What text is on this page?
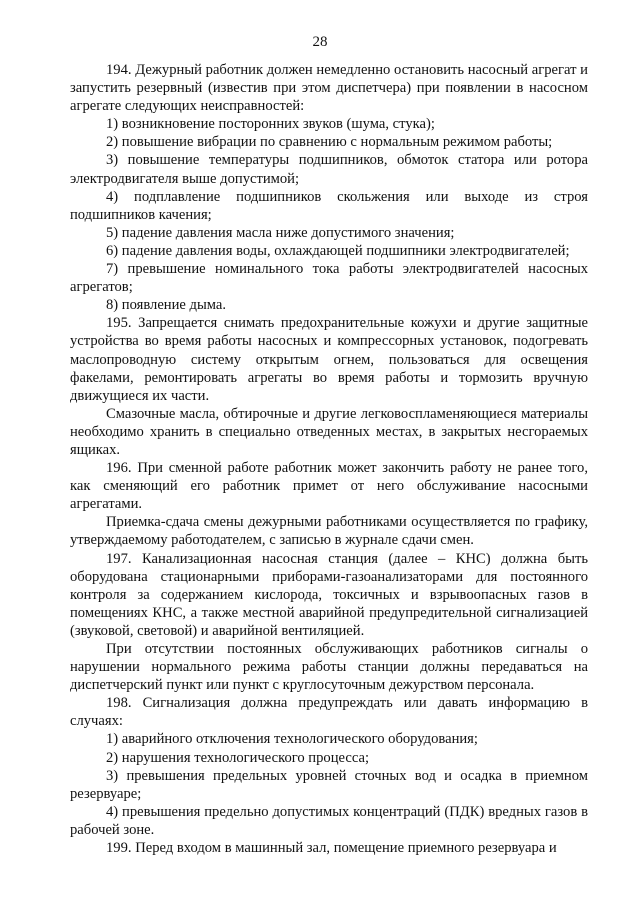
28

194. Дежурный работник должен немедленно остановить насосный агрегат и запустить резервный (известив при этом диспетчера) при появлении в насосном агрегате следующих неисправностей:

1) возникновение посторонних звуков (шума, стука);

2) повышение вибрации по сравнению с нормальным режимом работы;

3) повышение температуры подшипников, обмоток статора или ротора электродвигателя выше допустимой;

4) подплавление подшипников скольжения или выходе из строя подшипников качения;

5) падение давления масла ниже допустимого значения;

6) падение давления воды, охлаждающей подшипники электродвигателей;

7) превышение номинального тока работы электродвигателей насосных агрегатов;

8) появление дыма.

195. Запрещается снимать предохранительные кожухи и другие защитные устройства во время работы насосных и компрессорных установок, подогревать маслопроводную систему открытым огнем, пользоваться для освещения факелами, ремонтировать агрегаты во время работы и тормозить вручную движущиеся их части.

Смазочные масла, обтирочные и другие легковоспламеняющиеся материалы необходимо хранить в специально отведенных местах, в закрытых несгораемых ящиках.

196. При сменной работе работник может закончить работу не ранее того, как сменяющий его работник примет от него обслуживание насосными агрегатами.

Приемка-сдача смены дежурными работниками осуществляется по графику, утверждаемому работодателем, с записью в журнале сдачи смен.

197. Канализационная насосная станция (далее – КНС) должна быть оборудована стационарными приборами-газоанализаторами для постоянного контроля за содержанием кислорода, токсичных и взрывоопасных газов в помещениях КНС, а также местной аварийной предупредительной сигнализацией (звуковой, световой) и аварийной вентиляцией.

При отсутствии постоянных обслуживающих работников сигналы о нарушении нормального режима работы станции должны передаваться на диспетчерский пункт или пункт с круглосуточным дежурством персонала.

198. Сигнализация должна предупреждать или давать информацию в случаях:

1) аварийного отключения технологического оборудования;

2) нарушения технологического процесса;

3) превышения предельных уровней сточных вод и осадка в приемном резервуаре;

4) превышения предельно допустимых концентраций (ПДК) вредных газов в рабочей зоне.

199. Перед входом в машинный зал, помещение приемного резервуара и
